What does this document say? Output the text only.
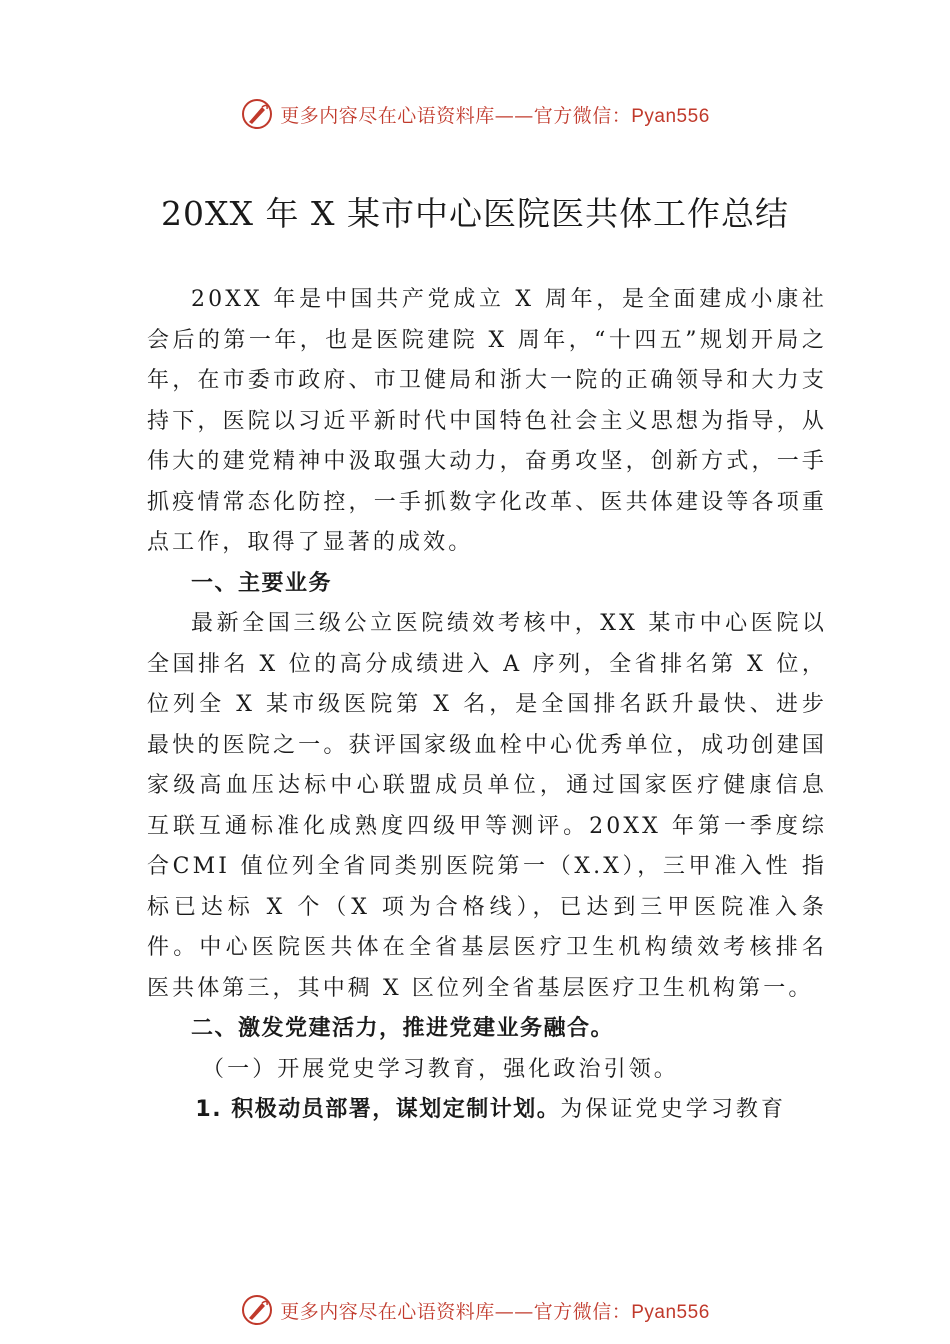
更多内容尽在心语资料库——官方微信：Pyan556
20XX 年 X 某市中心医院医共体工作总结

20XX 年是中国共产党成立 X 周年，是全面建成小康社会后的第一年，也是医院建院 X 周年，“十四五”规划开局之年，在市委市政府、市卫健局和浙大一院的正确领导和大力支持下，医院以习近平新时代中国特色社会主义思想为指导，从伟大的建党精神中汲取强大动力，奋勇攻坚，创新方式，一手抓疫情常态化防控，一手抓数字化改革、医共体建设等各项重点工作，取得了显著的成效。

一、主要业务

最新全国三级公立医院绩效考核中，XX 某市中心医院以全国排名 X 位的高分成绩进入 A 序列，全省排名第 X 位， 位列全 X 某市级医院第 X 名，是全国排名跃升最快、进步最快的医院之一。获评国家级血栓中心优秀单位，成功创建国家级高血压达标中心联盟成员单位，通过国家医疗健康信息 互联互通标准化成熟度四级甲等测评。20XX 年第一季度综合CMI 值位列全省同类别医院第一（X.X），三甲准入性 指标已达标 X 个（X 项为合格线），已达到三甲医院准入条件。中心医院医共体在全省基层医疗卫生机构绩效考核排名 医共体第三，其中稠 X 区位列全省基层医疗卫生机构第一。

二、激发党建活力，推进党建业务融合。

（一）开展党史学习教育，强化政治引领。

1. 积极动员部署，谋划定制计划。为保证党史学习教育

更多内容尽在心语资料库——官方微信：Pyan556
